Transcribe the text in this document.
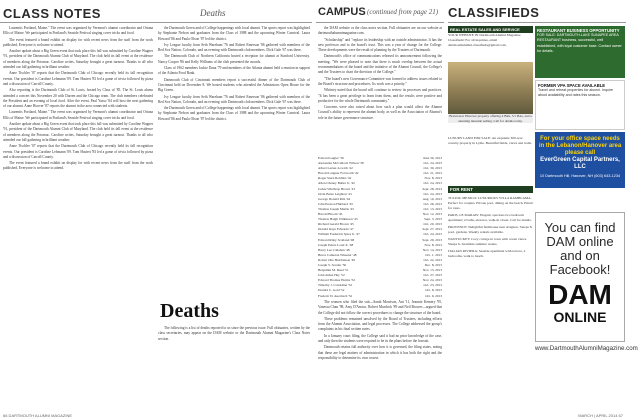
CLASS NOTES	Deaths	CAMPUS (continued from page 21) CLASSIFIEDS

Laurentis Portland, Maine." The event was organized by Vermont's alumni coordinator and Oriana Ellis of Maine. We participated in Portland's Seaside Festival singing cover tricks and food.

The event featured a brand exhibit on display for with recent news from the staff from the work published, Everyone is welcome to attend.

Another update about a Big Green event that took place this fall was submitted by Caroline Wagner '91, president of the Dartmouth Alumni Club of Maryland. The club held its fall event at the residence of members along the Potomac. Caroline writes, Saturday brought a great turnout. Thanks to all who attended our fall gathering in brilliant weather.

Anne Tischler '07 reports that the Dartmouth Club of Chicago recently held its fall recognition events. Our president is Caroline Lehmann '09. Tom Hastert '83 led a game of trivia followed by pizza and a discussion of Carroll County.

Also reporting is the Dartmouth Club of St. Louis, hosted by Class of '85. The St. Louis alums attended a concert this November 20 with Darren and the Chicago team. The club members celebrated the President and an evening of local food. After the event, Paul Yasso '84 will host the next gathering of our alumni. Anne Hoover '87 reports the alumni in the area connected with students.

Laurentis Portland, Maine." The event was organized by Vermont's alumni coordinator and Oriana Ellis of Maine. We participated in Portland's Seaside Festival singing cover tricks and food.

Another update about a Big Green event that took place this fall was submitted by Caroline Wagner '91, president of the Dartmouth Alumni Club of Maryland. The club held its fall event at the residence of members along the Potomac. Caroline writes, Saturday brought a great turnout. Thanks to all who attended our fall gathering in brilliant weather.

Anne Tischler '07 reports that the Dartmouth Club of Chicago recently held its fall recognition events. Our president is Caroline Lehmann '09. Tom Hastert '83 led a game of trivia followed by pizza and a discussion of Carroll County.

The event featured a brand exhibit on display for with recent news from the staff from the work published, Everyone is welcome to attend.

the Dartmouth Green and of College happenings with local alumni. The sports report was highlighted by Stephanie Nelson and graduates from the Class of 1988 and the upcoming Winter Carnival. Laura Howard '86 and Paula Olson '87 led the district.

Ivy League faculty from Seth Wareham '76 and Robert Emerson '86 gathered with members of the Red Sox Nation, Colorado, and an evening with Dartmouth club members. Dick Gale '67 was there.

The Dartmouth Club of Northern California hosted a reception for alumni at Stanford University. Nancy Cooper '86 and Kelly Williams of the club presented the awards.

Class of 1962 members Jackie Dana '79 and members of the Atlanta alumni held a reunion in support of the Atlanta Food Bank.

Dartmouth Club of Cincinnati members report a successful dinner of the Dartmouth Club of Cincinnati held on December 8. We hosted students who attended the Admissions Open House for the Big Green.

Ivy League faculty from Seth Wareham '76 and Robert Emerson '86 gathered with members of the Red Sox Nation, Colorado, and an evening with Dartmouth club members. Dick Gale '67 was there.

the Dartmouth Green and of College happenings with local alumni. The sports report was highlighted by Stephanie Nelson and graduates from the Class of 1988 and the upcoming Winter Carnival. Laura Howard '86 and Paula Olson '87 led the district.

Deaths

The following is a list of deaths reported to us since the previous issue. Full obituaries, written by the class secretaries, may appear on the DAM website or the Dartmouth Alumni Magazine's Class Notes section.

the DAM website or the class notes section. Full obituaries are on our website at dartmouthalumnimagazine.com.

"Scholarship" and "replace its leadership with an outside administrator. It has the new professor and to the board's trust. This was a year of change for the College. These developments were the result of planning by the Trustees of Dartmouth.

Dartmouth's office of communications released its announcement following the meeting. "We were pleased to note that there is much overlap between the actual recommendations of the board and the initiative of the Alumni Council, the College's and the Trustees to chart the direction of the College."

"The board's new Governance Committee was formed to address issues related to the Board's structure and procedures. Its work was a priority."

Whitney noted that the board will continue to review its processes and practices. "It has been a great privilege to learn from them, and the results were positive and productive for the whole Dartmouth community."

Concerns were also raised about how such a plan would affect the Alumni Council's ability to represent the alumni body, as well as the Association of Alumni's role in the future governance structure.

Edward Gugler '36	June 30, 2013
Alexander McCulloch Wilson '38	Oct. 24, 2013
Albert Lerner-Lowich '42	Oct. 30, 2013
Harold Langner Foxworth '42	Oct. 21, 2013
Roger Stern Robbins '42	Nov. 8, 2013
Allen Cheney Butler Jr. '42	Oct. 24, 2013
Jackie Winthrop Brown '43	Sept. 28, 2013
Orrin Bates Leighton '43	Oct. 24, 2013
George Donald Ritz '44	Aug. 10, 2013
John Preston Hubbard '45	Oct. 26, 2013
Thomas Joseph Martin '45	Oct. 13, 2013
Harold Bloom '45	Nov. 12, 2013
Thomas Haigh Wilkinson '45	Sept. 3, 2013
Richard Gerald Brown '45	Oct. 20, 2013
Donald Kaye Edwards '47	Sept. 27, 2013
William Frederick Spies Jr. '47	Oct. 24, 2013
Edward Riley Scatland '48	Sept. 29, 2013
Joseph Peters Loud Jr. '48	Nov. 8, 2013
Harry Lee Callahan '48	Nov. 14, 2013
Bruce Cameron Wheeler '48	Oct. 1, 2013
Robert Otis Hutchinson '49	Oct. 22, 2013
Joseph S. Sonder '50	Dec. 8, 2013
Benjamin M. Reed '51	Nov. 13, 2013
John Alden Hey '52	Oct. 27, 2013
Edward Thomas Harms '52	Nov. 24, 2013
Timothy J. Considine '52	Oct. 23, 2013
Donald C. Gold '52	Oct. 8, 2013
Frederic D. Auerbach '52	Oct. 6, 2013

The women who filed the suit—Sarah Morrison, Ant '11, Jeannie Kemery '95, Vanessa Chan '98, Amy D'Amico, Robert Murdock '89 and Neil Brower—argued that the College did not follow the correct procedures to change the structure of the board.

These problems remained unsolved by the Board of Trustees, including efforts from the Alumni Association, and legal processes. The College addressed the group's complaints in his final written notes.

In a January court filing, the College said it had no prior knowledge of the case, and only then the students were required to be in the plans before the lawsuit.

Dartmouth retains full authority over how it is governed, the filing states, noting that these are legal matters of administration in which it has both the right and the responsibility to determine its own course.

REAL ESTATE SALES AND SERVICE
YOUR WEBSITE IN Dartmouth Alumni Magazine Classifieds! For all inquiries, email dartmouthalumni.classifieds@gmail.com.
Brand-new Hanover property offering 4 BRs, 3.5 BAs, and a stunning lakeside setting. Call for details today.
LUXURY LAND FOR SALE: An exquisite 300-acre country property in Lyme. Beautiful fields, views and trails.
FOR RENT
TULUM, MEXICO: LUXURIOUS VILLA RAMBLAMA. Perfect for couples. Private pool, dining on the beach. Email for rates.
PARIS, LE MARAIS: Elegant, spacious two bedroom apartment; 2 baths, elevator, walk-in closet. Call for details.
PROVENCE: Delightful farmhouse near Avignon. Sleeps 8, pool, gardens. Weekly rentals available.
NANTUCKET: Cozy cottage in town with ocean views. Sleeps 6. Available summer weeks.
ITALIAN RIVIERA: Seaside apartment with terrace, 2 bedrooms, walk to beach.
RESTAURANT BUSINESS OPPORTUNITY
FOR SALE: DARTMOUTH-LAKE SUNAPEE AREA RESTAURANT business, successful, well established, with loyal customer base. Contact owner for details.
FORMER VPA SPACE AVAILABLE
Travel and retreat properties for alumni. Inquire about availability and rates this season.
For your office space needs in the Lebanon/Hanover area please call
EverGreen Capital Partners, LLC
10 Dartmouth Hill, Hanover, NH (603) 643-1234
You can find DAM online and on Facebook!
DAM
ONLINE
www.DartmouthAlumniMagazine.com
66 DARTMOUTH ALUMNI MAGAZINE	MARCH | APRIL 2014 67
